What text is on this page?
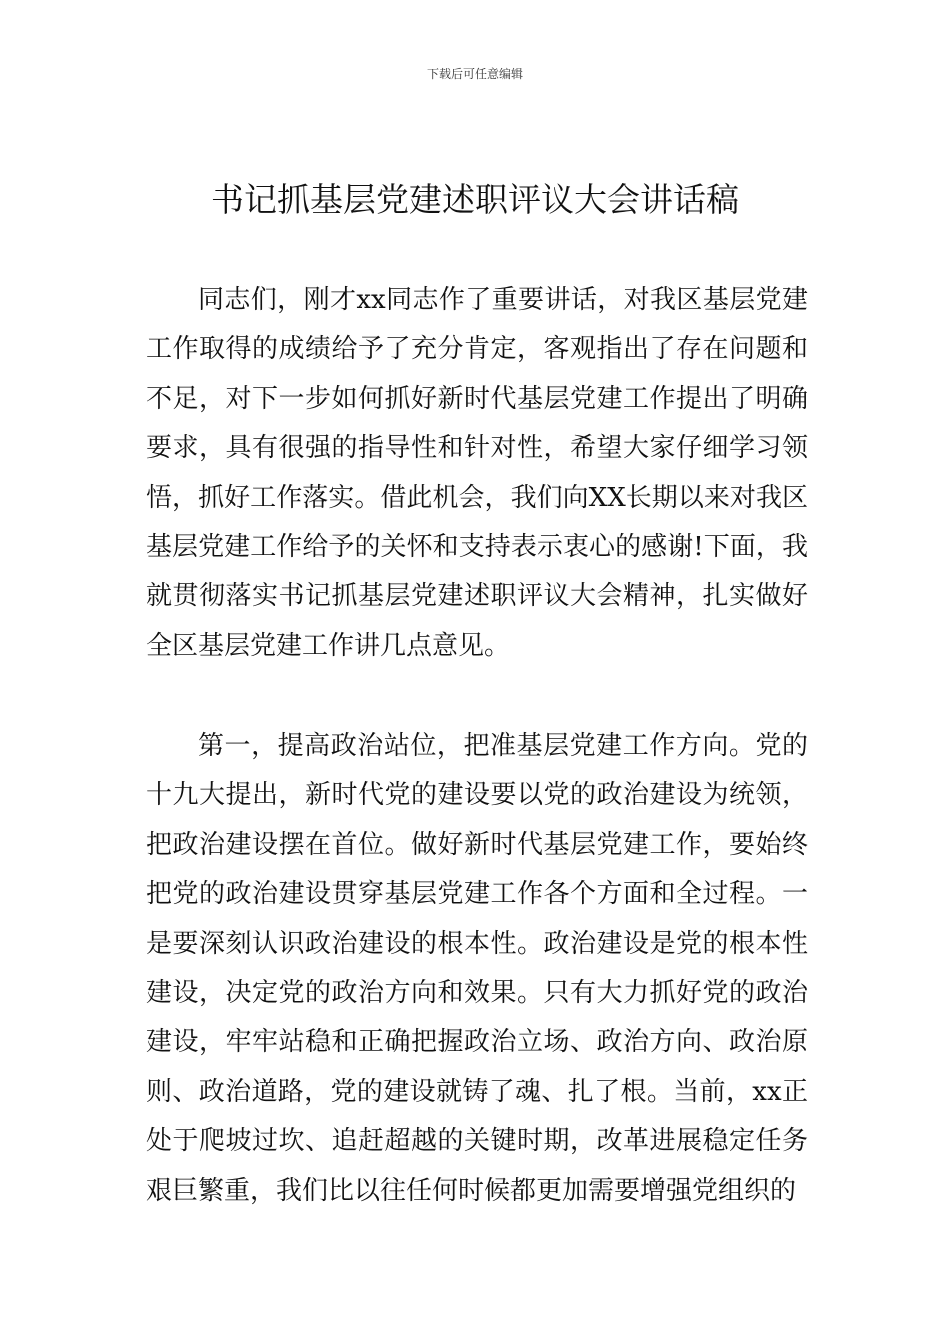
下载后可任意编辑
书记抓基层党建述职评议大会讲话稿

同志们，刚才xx同志作了重要讲话，对我区基层党建工作取得的成绩给予了充分肯定，客观指出了存在问题和不足，对下一步如何抓好新时代基层党建工作提出了明确要求，具有很强的指导性和针对性，希望大家仔细学习领悟，抓好工作落实。借此机会，我们向XX长期以来对我区基层党建工作给予的关怀和支持表示衷心的感谢!下面，我就贯彻落实书记抓基层党建述职评议大会精神，扎实做好全区基层党建工作讲几点意见。

第一，提高政治站位，把准基层党建工作方向。党的十九大提出，新时代党的建设要以党的政治建设为统领，把政治建设摆在首位。做好新时代基层党建工作，要始终把党的政治建设贯穿基层党建工作各个方面和全过程。一是要深刻认识政治建设的根本性。政治建设是党的根本性建设，决定党的政治方向和效果。只有大力抓好党的政治建设，牢牢站稳和正确把握政治立场、政治方向、政治原则、政治道路，党的建设就铸了魂、扎了根。当前，xx正处于爬坡过坎、追赶超越的关键时期，改革进展稳定任务艰巨繁重，我们比以往任何时候都更加需要增强党组织的
